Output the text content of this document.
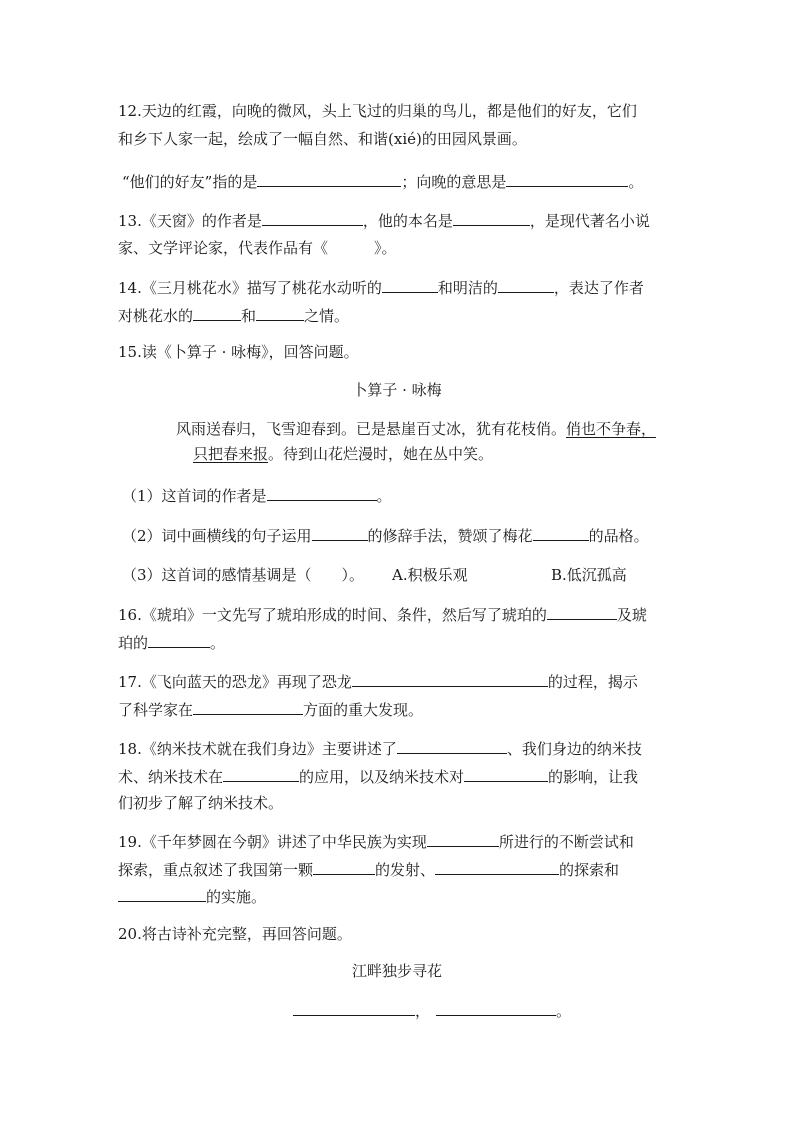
12.天边的红霞，向晚的微风，头上飞过的归巢的鸟儿，都是他们的好友，它们
和乡下人家一起，绘成了一幅自然、和谐(xié)的田园风景画。
“他们的好友”指的是	；向晚的意思是	。
13.《天窗》的作者是	，他的本名是	，是现代著名小说
家、文学评论家，代表作品有《	》。
14.《三月桃花水》描写了桃花水动听的	和明洁的	，表达了作者
对桃花水的	和	之情。
15.读《卜算子 · 咏梅》，回答问题。
卜算子 · 咏梅
风雨送春归，飞雪迎春到。已是悬崖百丈冰，犹有花枝俏。俏也不争春，
只把春来报。待到山花烂漫时，她在丛中笑。
（1）这首词的作者是	。
（2）词中画横线的句子运用	的修辞手法，赞颂了梅花	的品格。
（3）这首词的感情基调是（　　）。 A.积极乐观	B.低沉孤高
16.《琥珀》一文先写了琥珀形成的时间、条件，然后写了琥珀的	及琥
珀的	。
17.《飞向蓝天的恐龙》再现了恐龙	的过程，揭示
了科学家在	方面的重大发现。
18.《纳米技术就在我们身边》主要讲述了	、我们身边的纳米技
术、纳米技术在	的应用，以及纳米技术对	的影响，让我
们初步了解了纳米技术。
19.《千年梦圆在今朝》讲述了中华民族为实现	所进行的不断尝试和
探索，重点叙述了我国第一颗	的发射、	的探索和
的实施。
20.将古诗补充完整，再回答问题。
江畔独步寻花
，	。
